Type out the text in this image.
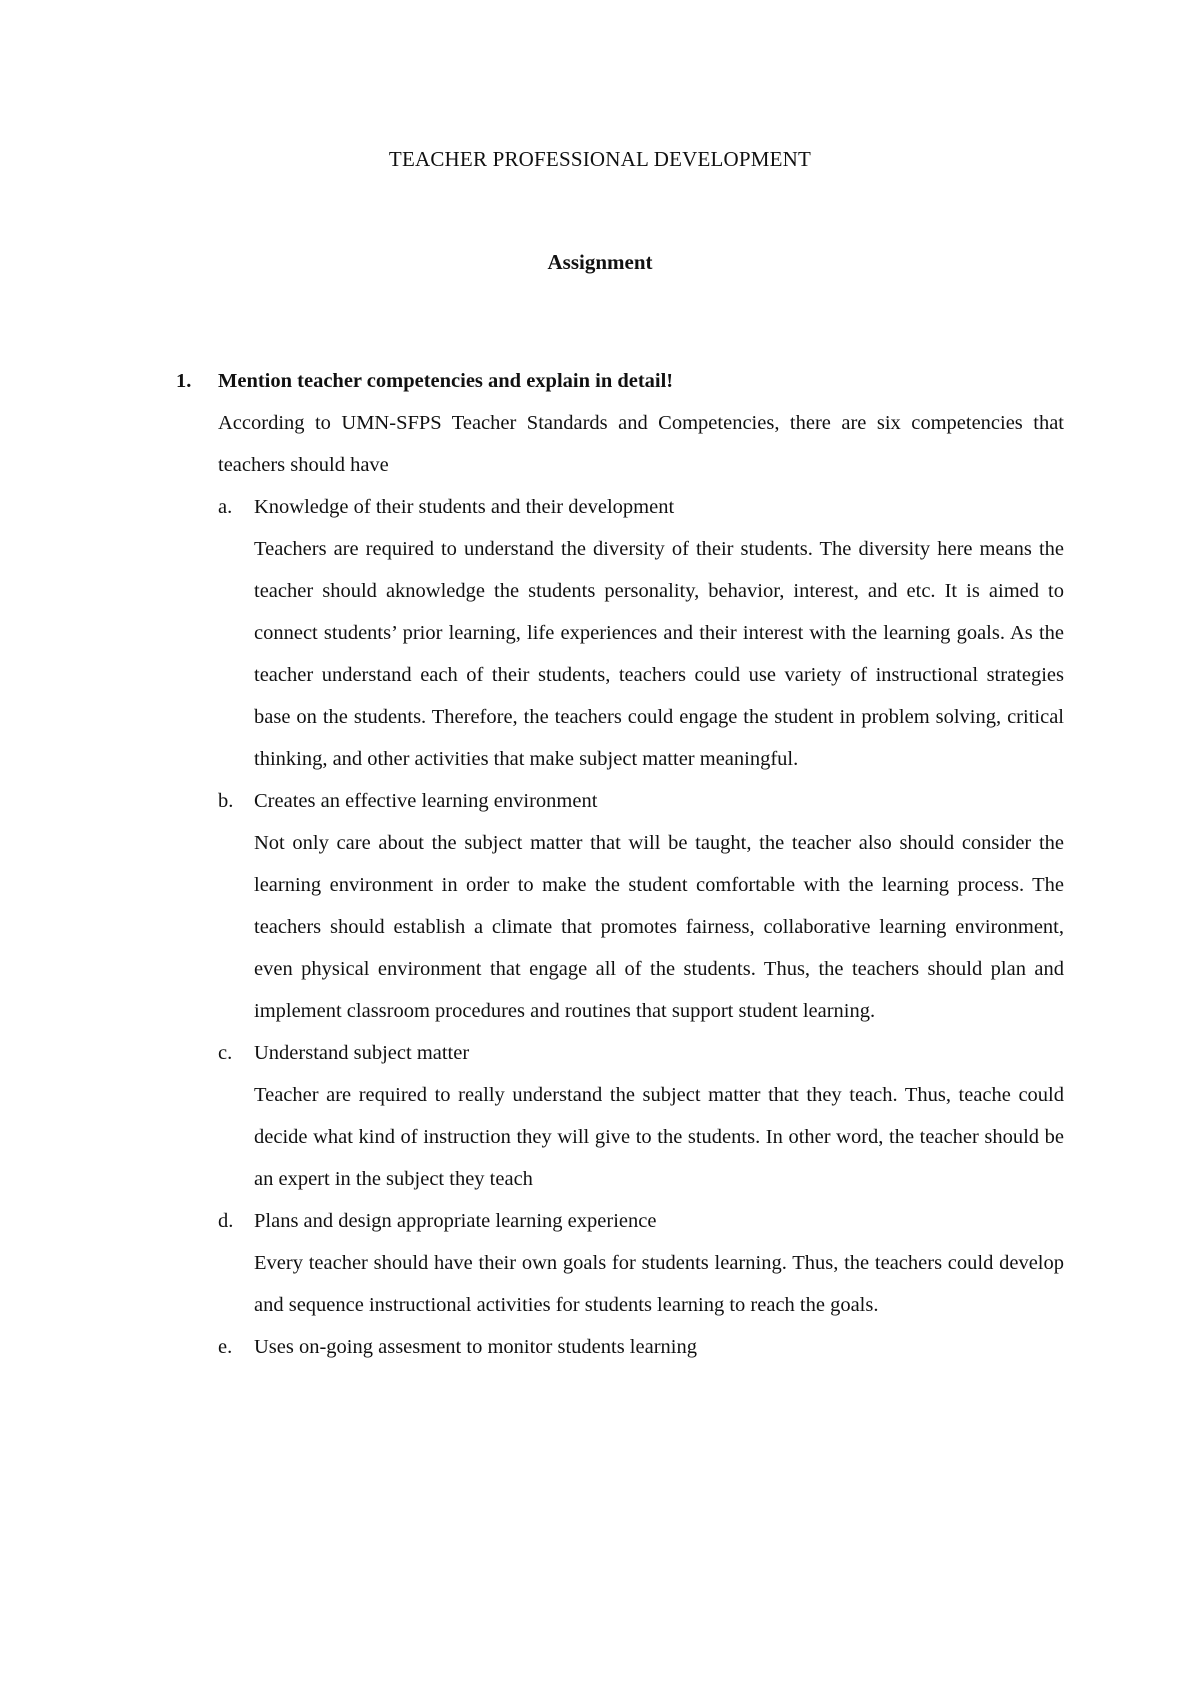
TEACHER PROFESSIONAL DEVELOPMENT
Assignment
1.	Mention teacher competencies and explain in detail!
According to UMN-SFPS Teacher Standards and Competencies, there are six competencies that teachers should have
a.	Knowledge of their students and their development
Teachers are required to understand the diversity of their students. The diversity here means the teacher should aknowledge the students personality, behavior, interest, and etc. It is aimed to connect students’ prior learning, life experiences and their interest with the learning goals. As the teacher understand each of their students, teachers could use variety of instructional strategies base on the students. Therefore, the teachers could engage the student in problem solving, critical thinking, and other activities that make subject matter meaningful.
b.	Creates an effective learning environment
Not only care about the subject matter that will be taught, the teacher also should consider the learning environment in order to make the student comfortable with the learning process. The teachers should establish a climate that promotes fairness, collaborative learning environment, even physical environment that engage all of the students. Thus, the teachers should plan and implement classroom procedures and routines that support student learning.
c.	Understand subject matter
Teacher are required to really understand the subject matter that they teach. Thus, teache could decide what kind of instruction they will give to the students. In other word, the teacher should be an expert in the subject they teach
d.	Plans and design appropriate learning experience
Every teacher should have their own goals for students learning. Thus, the teachers could develop and sequence instructional activities for students learning to reach the goals.
e.	Uses on-going assesment to monitor students learning
